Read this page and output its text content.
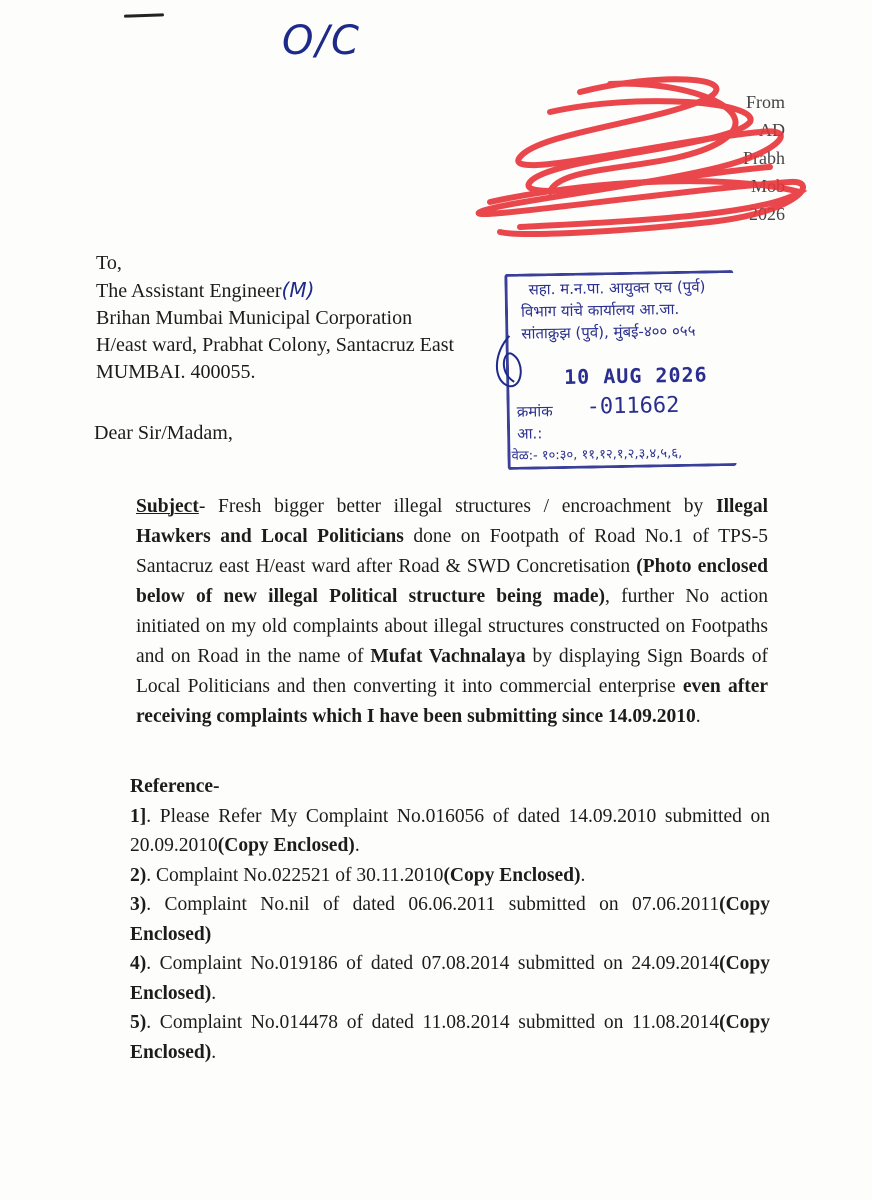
O/C
From
AD
Prabh
Mob
2026
To,
The Assistant Engineer(M)
Brihan Mumbai Municipal Corporation
H/east ward, Prabhat Colony, Santacruz East
MUMBAI. 400055.
सहा. म.न.पा. आयुक्त एच (पुर्व)
विभाग यांचे कार्यालय आ.जा.
सांताक्रुझ (पुर्व), मुंबई-४०० ०५५
10 AUG 2026
क्रमांक -011662
आ.:
वेळ:- १०:३०, ११,१२,१,२,३,४,५,६,
Dear Sir/Madam,
Subject- Fresh bigger better illegal structures / encroachment by Illegal Hawkers and Local Politicians done on Footpath of Road No.1 of TPS-5 Santacruz east H/east ward after Road & SWD Concretisation (Photo enclosed below of new illegal Political structure being made), further No action initiated on my old complaints about illegal structures constructed on Footpaths and on Road in the name of Mufat Vachnalaya by displaying Sign Boards of Local Politicians and then converting it into commercial enterprise even after receiving complaints which I have been submitting since 14.09.2010.
Reference-
1]. Please Refer My Complaint No.016056 of dated 14.09.2010 submitted on 20.09.2010(Copy Enclosed).
2). Complaint No.022521 of 30.11.2010(Copy Enclosed).
3). Complaint No.nil of dated 06.06.2011 submitted on 07.06.2011(Copy Enclosed)
4). Complaint No.019186 of dated 07.08.2014 submitted on 24.09.2014(Copy Enclosed).
5). Complaint No.014478 of dated 11.08.2014 submitted on 11.08.2014(Copy Enclosed).
